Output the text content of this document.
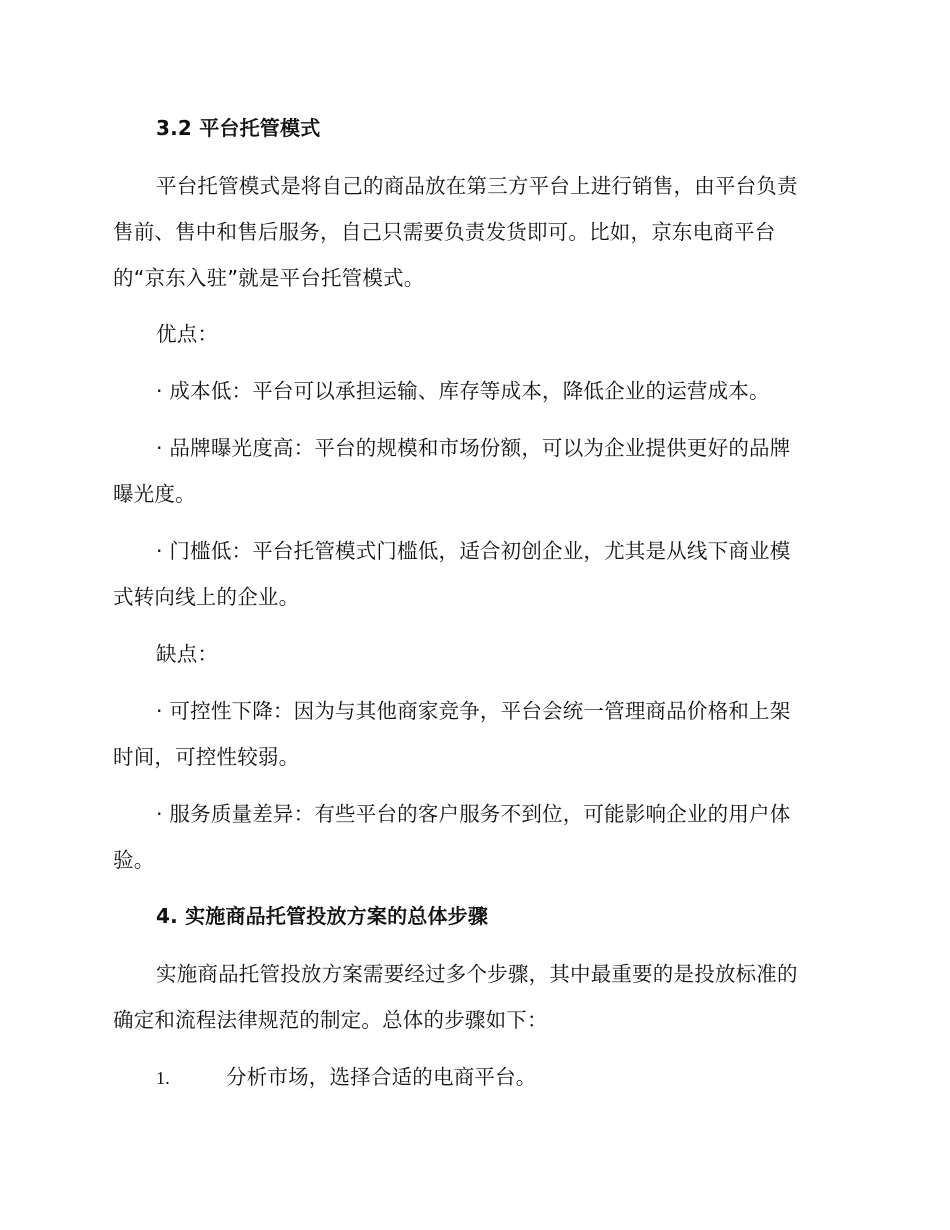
3.2 平台托管模式
平台托管模式是将自己的商品放在第三方平台上进行销售，由平台负责
售前、售中和售后服务，自己只需要负责发货即可。比如，京东电商平台
的“京东入驻”就是平台托管模式。
优点：
· 成本低：平台可以承担运输、库存等成本，降低企业的运营成本。
· 品牌曝光度高：平台的规模和市场份额，可以为企业提供更好的品牌
曝光度。
· 门槛低：平台托管模式门槛低，适合初创企业，尤其是从线下商业模
式转向线上的企业。
缺点：
· 可控性下降：因为与其他商家竞争，平台会统一管理商品价格和上架
时间，可控性较弱。
· 服务质量差异：有些平台的客户服务不到位，可能影响企业的用户体
验。
4. 实施商品托管投放方案的总体步骤
实施商品托管投放方案需要经过多个步骤，其中最重要的是投放标准的
确定和流程法律规范的制定。总体的步骤如下：
1.	分析市场，选择合适的电商平台。
